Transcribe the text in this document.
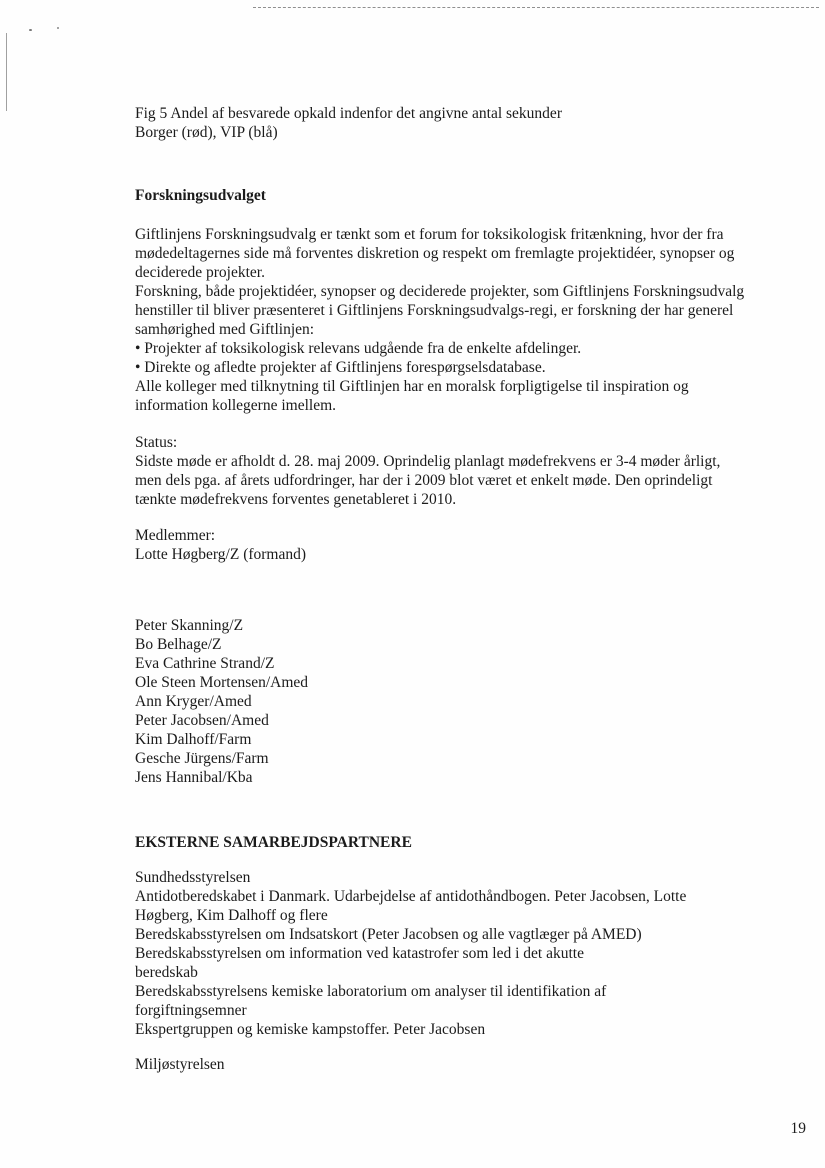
Fig 5 Andel af besvarede opkald indenfor det angivne antal sekunder
Borger (rød), VIP (blå)
Forskningsudvalget
Giftlinjens Forskningsudvalg er tænkt som et forum for toksikologisk fritænkning, hvor der fra mødedeltagernes side må forventes diskretion og respekt om fremlagte projektidéer, synopser og deciderede projekter.
Forskning, både projektidéer, synopser og deciderede projekter, som Giftlinjens Forskningsudvalg henstiller til bliver præsenteret i Giftlinjens Forskningsudvalgs-regi, er forskning der har generel samhørighed med Giftlinjen:
• Projekter af toksikologisk relevans udgående fra de enkelte afdelinger.
• Direkte og afledte projekter af Giftlinjens forespørgselsdatabase.
Alle kolleger med tilknytning til Giftlinjen har en moralsk forpligtigelse til inspiration og information kollegerne imellem.
Status:
Sidste møde er afholdt d. 28. maj 2009. Oprindelig planlagt mødefrekvens er 3-4 møder årligt, men dels pga. af årets udfordringer, har der i 2009 blot været et enkelt møde. Den oprindeligt tænkte mødefrekvens forventes genetableret i 2010.
Medlemmer:
Lotte Høgberg/Z (formand)
Peter Skanning/Z
Bo Belhage/Z
Eva Cathrine Strand/Z
Ole Steen Mortensen/Amed
Ann Kryger/Amed
Peter Jacobsen/Amed
Kim Dalhoff/Farm
Gesche Jürgens/Farm
Jens Hannibal/Kba
EKSTERNE SAMARBEJDSPARTNERE
Sundhedsstyrelsen
Antidotberedskabet i Danmark. Udarbejdelse af antidothåndbogen. Peter Jacobsen, Lotte Høgberg, Kim Dalhoff og flere
Beredskabsstyrelsen om Indsatskort (Peter Jacobsen og alle vagtlæger på AMED)
Beredskabsstyrelsen om information ved katastrofer som led i det akutte
beredskab
Beredskabsstyrelsens kemiske laboratorium om analyser til identifikation af
forgiftningsemner
Ekspertgruppen og kemiske kampstoffer. Peter Jacobsen
Miljøstyrelsen
19
